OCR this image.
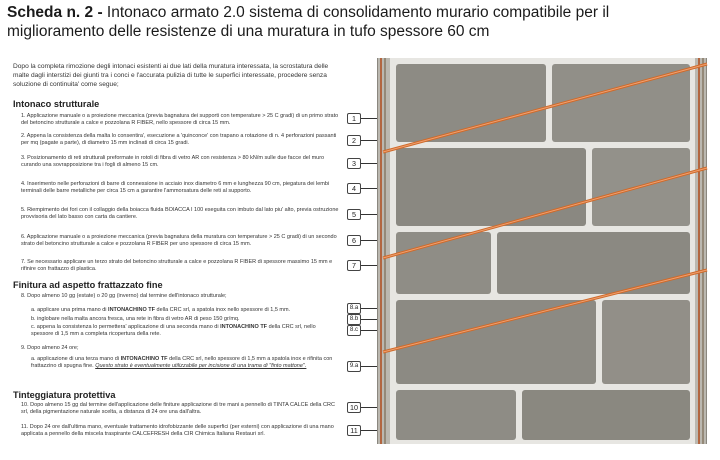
Scheda n. 2 - Intonaco armato 2.0 sistema di consolidamento murario compatibile per il miglioramento delle resistenze di una muratura in tufo spessore 60 cm
Dopo la completa rimozione degli intonaci esistenti ai due lati della muratura interessata, la scrostatura delle malte dagli interstizi dei giunti tra i conci e l'accurata pulizia di tutte le superfici interessate, procedere senza soluzione di continuita' come segue;
Intonaco strutturale
1. Applicazione manuale o a proiezione meccanica (previa bagnatura dei supporti con temperature > 25 C gradi) di un primo strato del betoncino strutturale a calce e pozzolana R FIBER, nello spessore di circa 15 mm.
2. Appena la consistenza della malta lo consentira', esecuzione a 'quinconce' con trapano a rotazione di n. 4 perforazioni passanti per mq (pagate a parte), di diametro 15 mm inclinati di circa 15 gradi.
3. Posizionamento di reti strutturali preformate in rotoli di fibra di vetro AR con resistenza > 80 kN/m sulle due facce del muro curando una sovrapposizione tra i fogli di almeno 15 cm.
4. Inserimento nelle perforazioni di barre di connessione in acciaio inox diametro 6 mm e lunghezza 90 cm, piegatura dei lembi terminali delle barre metalliche per circa 15 cm a garantire l'ammorsatura delle reti al supporto.
5. Riempimento dei fori con il collaggio della boiacca fluida BOIACCA I 100 eseguita con imbuto dal lato piu' alto, previa ostruzione provvisoria del lato basso con carta da cantiere.
6. Applicazione manuale o a proiezione meccanica (previa bagnatura della muratura con temperature > 25 C gradi) di un secondo strato del betoncino strutturale a calce e pozzolana R FIBER per uno spessore di circa 15 mm.
7. Se necessario applicare un terzo strato del betoncino strutturale a calce e pozzolana R FIBER di spessore massimo 15 mm e rifinire con frattazzo di plastica.
Finitura ad aspetto frattazzato fine
8. Dopo almeno 10 gg (estate) o 20 gg (inverno) dal termine dell'intonaco strutturale;
a. applicare una prima mano di INTONACHINO TF della CRC srl, a spatola inox nello spessore di 1,5 mm.
b. inglobare nella malta ancora fresca, una rete in fibra di vetro AR di peso 150 gr/mq.
c. appena la consistenza lo permettera' applicazione di una seconda mano di INTONACHINO TF della CRC srl, nello spessore di 1,5 mm a completa ricopertura della rete.
9. Dopo almeno 24 ore;
a. applicazione di una terza mano di INTONACHINO TF della CRC srl, nello spessore di 1,5 mm a spatola inox e rifinita con frattazzino di spugna fine. Questo strato è eventualmente utilizzabile per incisione di una trama di "finto mattone".
Tinteggiatura protettiva
10. Dopo almeno 15 gg dal termine dell'applicazione delle finiture applicazione di tre mani a pennello di TINTA CALCE della CRC srl, della pigmentazione naturale scelta, a distanza di 24 ore una dall'altra.
11. Dopo 24 ore dall'ultima mano, eventuale trattamento idrofobizzante delle superfici (per esterni) con applicazione di una mano applicata a pennello della miscela traspirante CALCEFRESH della CIR Chimica Italiana Restauri srl.
1
2
3
4
5
6
7
8.a
8.b
8.c
9.a
10
11
